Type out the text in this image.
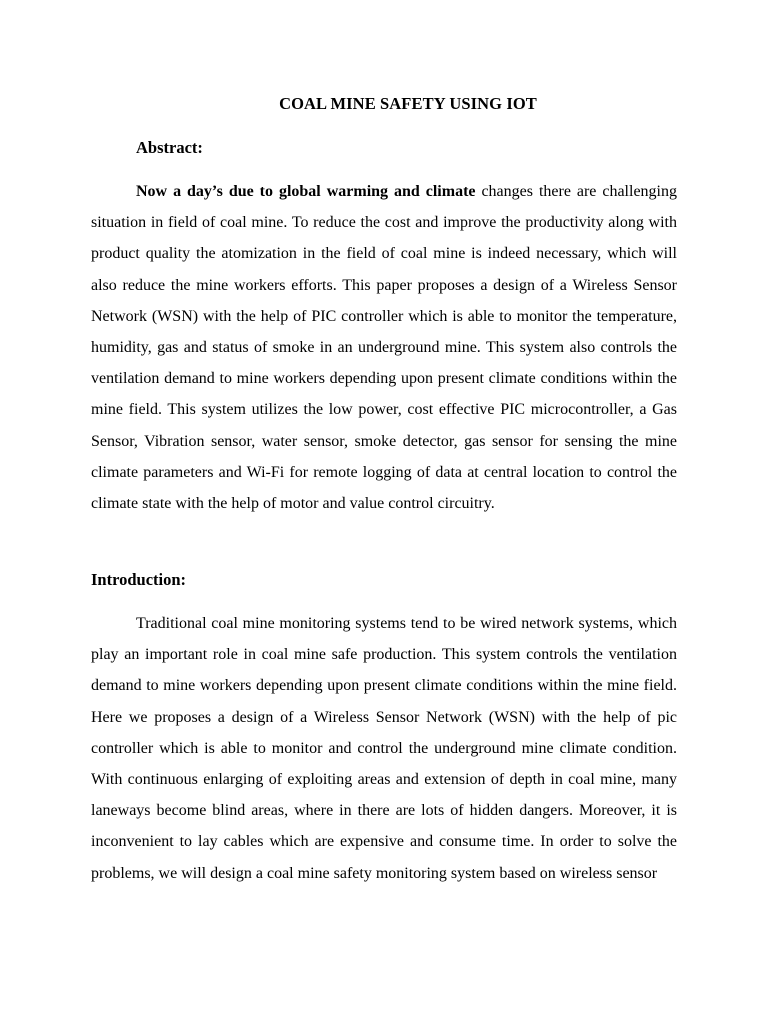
COAL MINE SAFETY USING IOT
Abstract:

Now a day’s due to global warming and climate changes there are challenging situation in field of coal mine. To reduce the cost and improve the productivity along with product quality the atomization in the field of coal mine is indeed necessary, which will also reduce the mine workers efforts. This paper proposes a design of a Wireless Sensor Network (WSN) with the help of PIC controller which is able to monitor the temperature, humidity, gas and status of smoke in an underground mine. This system also controls the ventilation demand to mine workers depending upon present climate conditions within the mine field. This system utilizes the low power, cost effective PIC microcontroller, a Gas Sensor, Vibration sensor, water sensor, smoke detector, gas sensor for sensing the mine climate parameters and Wi-Fi for remote logging of data at central location to control the climate state with the help of motor and value control circuitry.

Introduction:

Traditional coal mine monitoring systems tend to be wired network systems, which play an important role in coal mine safe production. This system controls the ventilation demand to mine workers depending upon present climate conditions within the mine field. Here we proposes a design of a Wireless Sensor Network (WSN) with the help of pic controller which is able to monitor and control the underground mine climate condition. With continuous enlarging of exploiting areas and extension of depth in coal mine, many laneways become blind areas, where in there are lots of hidden dangers. Moreover, it is inconvenient to lay cables which are expensive and consume time. In order to solve the problems, we will design a coal mine safety monitoring system based on wireless sensor
